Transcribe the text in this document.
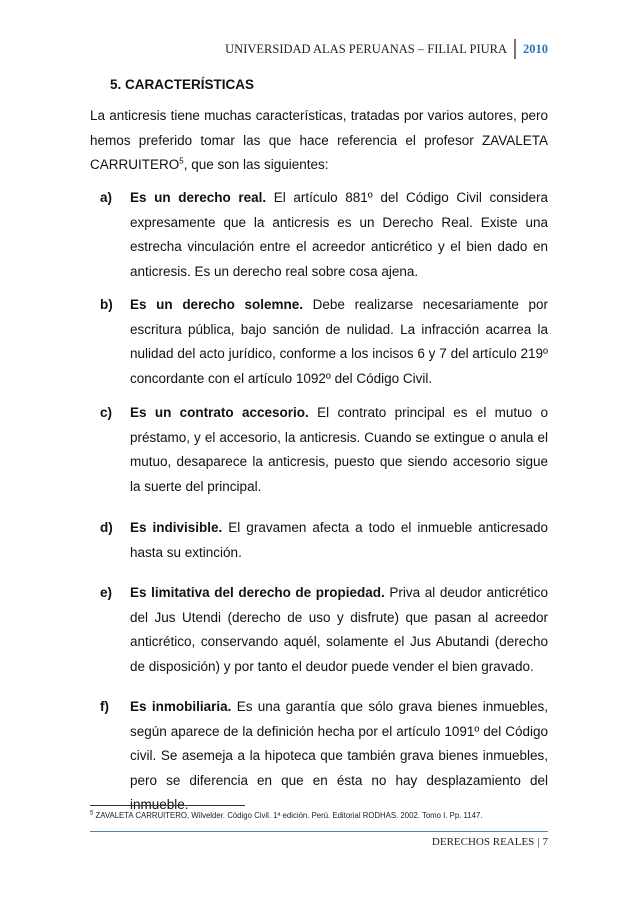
UNIVERSIDAD ALAS PERUANAS – FILIAL PIURA	2010
5. CARACTERÍSTICAS

La anticresis tiene muchas características, tratadas por varios autores, pero hemos preferido tomar las que hace referencia el profesor ZAVALETA CARRUITERO$^5$, que son las siguientes:

a)	Es un derecho real. El artículo 881º del Código Civil considera expresamente que la anticresis es un Derecho Real. Existe una estrecha vinculación entre el acreedor anticrético y el bien dado en anticresis. Es un derecho real sobre cosa ajena.
b)	Es un derecho solemne. Debe realizarse necesariamente por escritura pública, bajo sanción de nulidad. La infracción acarrea la nulidad del acto jurídico, conforme a los incisos 6 y 7 del artículo 219º concordante con el artículo 1092º del Código Civil.
c)	Es un contrato accesorio. El contrato principal es el mutuo o préstamo, y el accesorio, la anticresis. Cuando se extingue o anula el mutuo, desaparece la anticresis, puesto que siendo accesorio sigue la suerte del principal.
d)	Es indivisible. El gravamen afecta a todo el inmueble anticresado hasta su extinción.
e)	Es limitativa del derecho de propiedad. Priva al deudor anticrético del Jus Utendi (derecho de uso y disfrute) que pasan al acreedor anticrético, conservando aquél, solamente el Jus Abutandi (derecho de disposición) y por tanto el deudor puede vender el bien gravado.
f)	Es inmobiliaria. Es una garantía que sólo grava bienes inmuebles, según aparece de la definición hecha por el artículo 1091º del Código civil. Se asemeja a la hipoteca que también grava bienes inmuebles, pero se diferencia en que en ésta no hay desplazamiento del inmueble.
$^5$ ZAVALETA CARRUITERO, Wilvelder. Código Civil. 1ª edición. Perú. Editorial RODHAS. 2002. Tomo I. Pp. 1147.
DERECHOS REALES | 7
